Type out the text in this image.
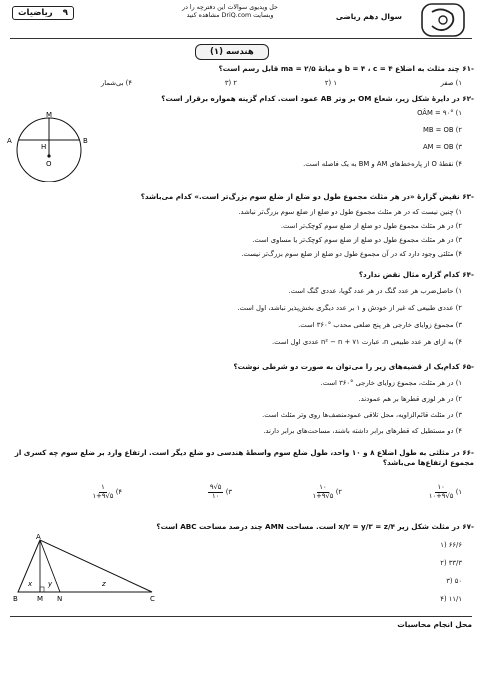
ریاضیات ۹
حل ویدیوی سوالات این دفترچه را در
وبسایت DriQ.com مشاهده کنید	سوال دهم ریاضی
هندسه (۱)
-۶۱ چند مثلث به اضلاع b = ۴ ، c = ۴ و میانهٔ ma = ۲/۵ قابل رسم است؟
۱) صفر
۱ (۲
۲ (۳
۴) بی‌شمار
-۶۲ در دایرهٔ شکل زیر، شعاع OM بر وتر AB عمود است. کدام گزینه همواره برقرار است؟
OÂM = ۹۰° (۱
MB = OB (۲
AM = OB (۳
۴) نقطهٔ O از پاره‌خط‌های AM و BM به یک فاصله است.
M
A	B
H
O
-۶۳ نقیض گزارهٔ «در هر مثلث مجموع طول دو ضلع از ضلع سوم بزرگ‌تر است.» کدام می‌باشد؟
۱) چنین نیست که در هر مثلث مجموع طول دو ضلع از ضلع سوم بزرگ‌تر نباشد.
۲) در هر مثلث مجموع طول دو ضلع از ضلع سوم کوچک‌تر است.
۳) در هر مثلث مجموع طول دو ضلع از ضلع سوم کوچک‌تر یا مساوی است.
۴) مثلثی وجود دارد که در آن مجموع طول دو ضلع از ضلع سوم بزرگ‌تر نیست.
-۶۴ کدام گزاره مثال نقض ندارد؟
۱) حاصل‌ضرب هر عدد گنگ در هر عدد گویا، عددی گنگ است.
۲) عددی طبیعی که غیر از خودش و ۱ بر عدد دیگری بخش‌پذیر نباشد، اول است.
۳) مجموع زوایای خارجی هر پنج ضلعی محدب °۳۶۰ است.
۴) به ازای هر عدد طبیعی n، عبارت n² − n + ۷۱ عددی اول است.
-۶۵ کدام‌یک از قضیه‌های زیر را می‌توان به صورت دو شرطی نوشت؟
۱) در هر مثلث، مجموع زوایای خارجی °۳۶۰ است.
۲) در هر لوزی قطرها بر هم عمودند.
۳) در مثلث قائم‌الزاویه، محل تلاقی عمودمنصف‌ها روی وتر مثلث است.
۴) دو مستطیل که قطرهای برابر داشته باشند، مساحت‌های برابر دارند.
-۶۶ در مثلثی به طول اضلاع ۸ و ۱۰ واحد، طول ضلع سوم واسطهٔ هندسی دو ضلع دیگر است. ارتفاع وارد بر ضلع سوم چه کسری از مجموع ارتفاع‌ها می‌باشد؟
$\frac{۱۰}{۱۰+۹√۵}$ (۱
$\frac{۱۰}{۱+۹√۵}$ (۲
$\frac{۹√۵}{۱۰}$ (۳
$\frac{۱}{۱+۹√۵}$ (۴
-۶۷ در مثلث شکل زیر x/۲ = y/۳ = z/۴ است. مساحت AMN چند درصد مساحت ABC است؟
۶۶/۶ (۱
۳۳/۳ (۲
۵۰ (۳
۱۱/۱ (۴
A
B	M N	C
x y	z
محل انجام محاسبات
